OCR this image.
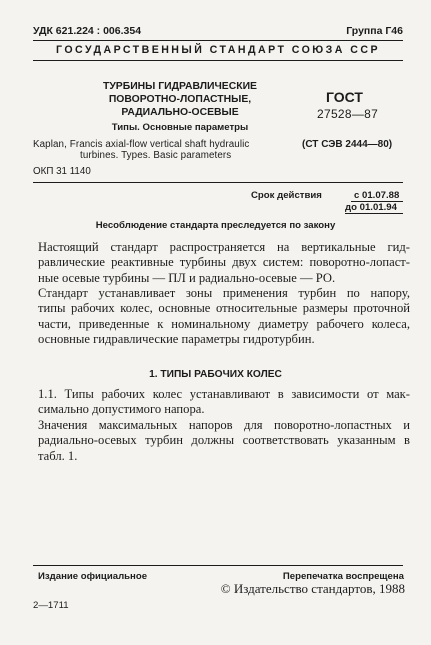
УДК 621.224 : 006.354	Группа Г46
ГОСУДАРСТВЕННЫЙ СТАНДАРТ СОЮЗА ССР
ТУРБИНЫ ГИДРАВЛИЧЕСКИЕ
ПОВОРОТНО-ЛОПАСТНЫЕ,
РАДИАЛЬНО-ОСЕВЫЕ
Типы. Основные параметры
Kaplan, Francis axial-flow vertical shaft hydraulic
turbines. Types. Basic parameters
ОКП 31 1140
ГОСТ
27528—87
(СТ СЭВ 2444—80)
Срок действия	с 01.07.88
до 01.01.94
Несоблюдение стандарта преследуется по закону
Настоящий стандарт распространяется на вертикальные гид-
равлические реактивные турбины двух систем: поворотно-лопаст-
ные осевые турбины — ПЛ и радиально-осевые — РО.
Стандарт устанавливает зоны применения турбин по напору,
типы рабочих колес, основные относительные размеры проточной
части, приведенные к номинальному диаметру рабочего колеса,
основные гидравлические параметры гидротурбин.
1. ТИПЫ РАБОЧИХ КОЛЕС
1.1. Типы рабочих колес устанавливают в зависимости от мак-
симально допустимого напора.
Значения максимальных напоров для поворотно-лопастных и
радиально-осевых турбин должны соответствовать указанным в
табл. 1.
Издание официальное	Перепечатка воспрещена
© Издательство стандартов, 1988
2—1711
